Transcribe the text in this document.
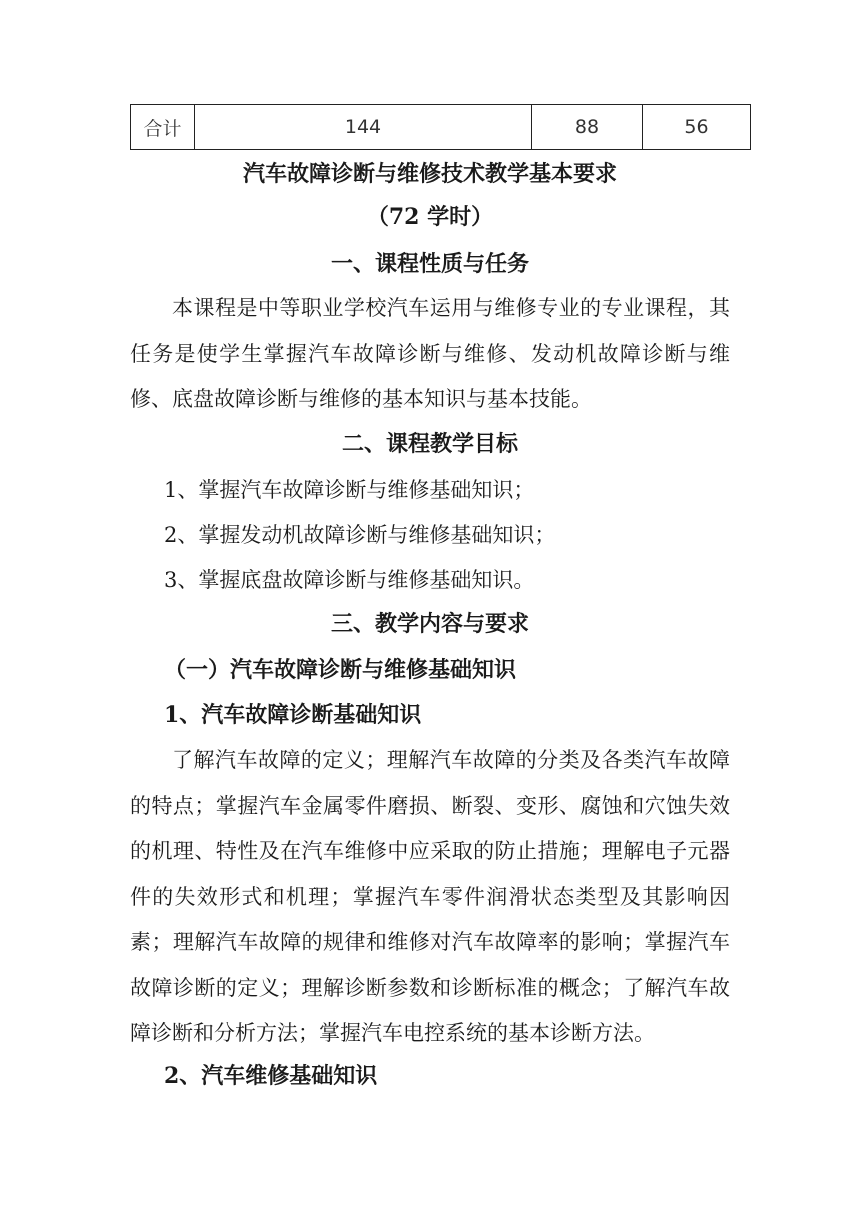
合计	144	88	56
汽车故障诊断与维修技术教学基本要求
（72 学时）
一、课程性质与任务
本课程是中等职业学校汽车运用与维修专业的专业课程，其任务是使学生掌握汽车故障诊断与维修、发动机故障诊断与维修、底盘故障诊断与维修的基本知识与基本技能。
二、课程教学目标
1、掌握汽车故障诊断与维修基础知识；
2、掌握发动机故障诊断与维修基础知识；
3、掌握底盘故障诊断与维修基础知识。
三、教学内容与要求
（一）汽车故障诊断与维修基础知识
1、汽车故障诊断基础知识
了解汽车故障的定义；理解汽车故障的分类及各类汽车故障的特点；掌握汽车金属零件磨损、断裂、变形、腐蚀和穴蚀失效的机理、特性及在汽车维修中应采取的防止措施；理解电子元器件的失效形式和机理；掌握汽车零件润滑状态类型及其影响因素；理解汽车故障的规律和维修对汽车故障率的影响；掌握汽车故障诊断的定义；理解诊断参数和诊断标准的概念；了解汽车故障诊断和分析方法；掌握汽车电控系统的基本诊断方法。
2、汽车维修基础知识
